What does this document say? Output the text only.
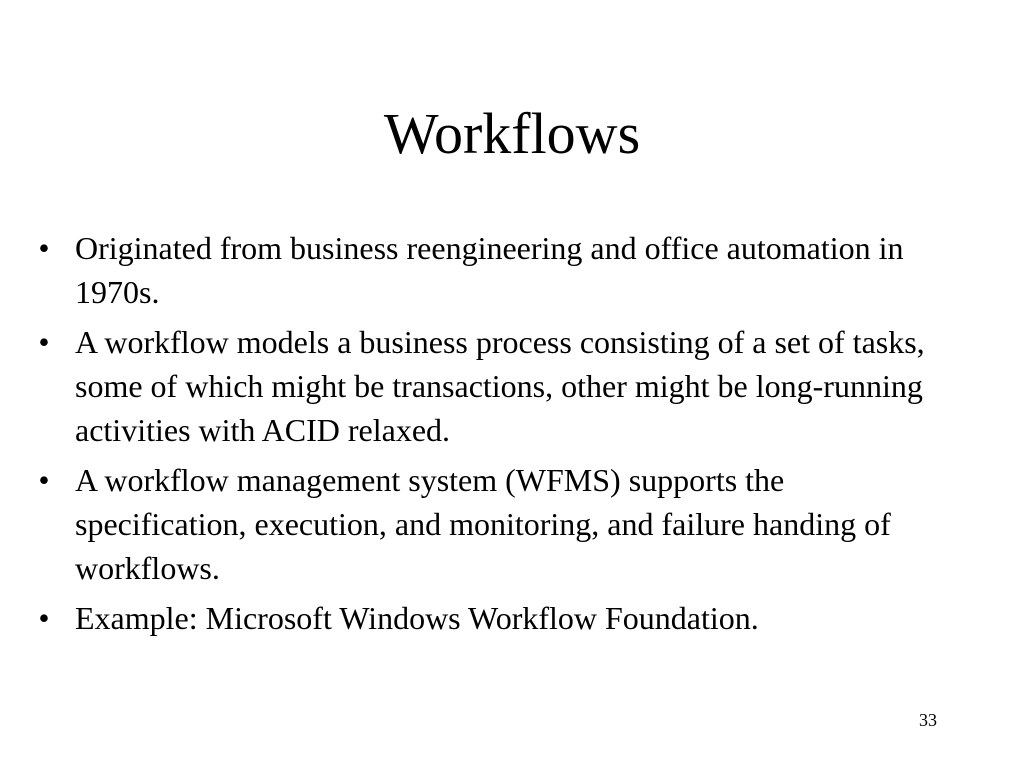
Workflows
• Originated from business reengineering and office automation in 1970s.
• A workflow models a business process consisting of a set of tasks, some of which might be transactions, other might be long-running activities with ACID relaxed.
• A workflow management system (WFMS) supports the specification, execution, and monitoring, and failure handing of workflows.
• Example: Microsoft Windows Workflow Foundation.
33
